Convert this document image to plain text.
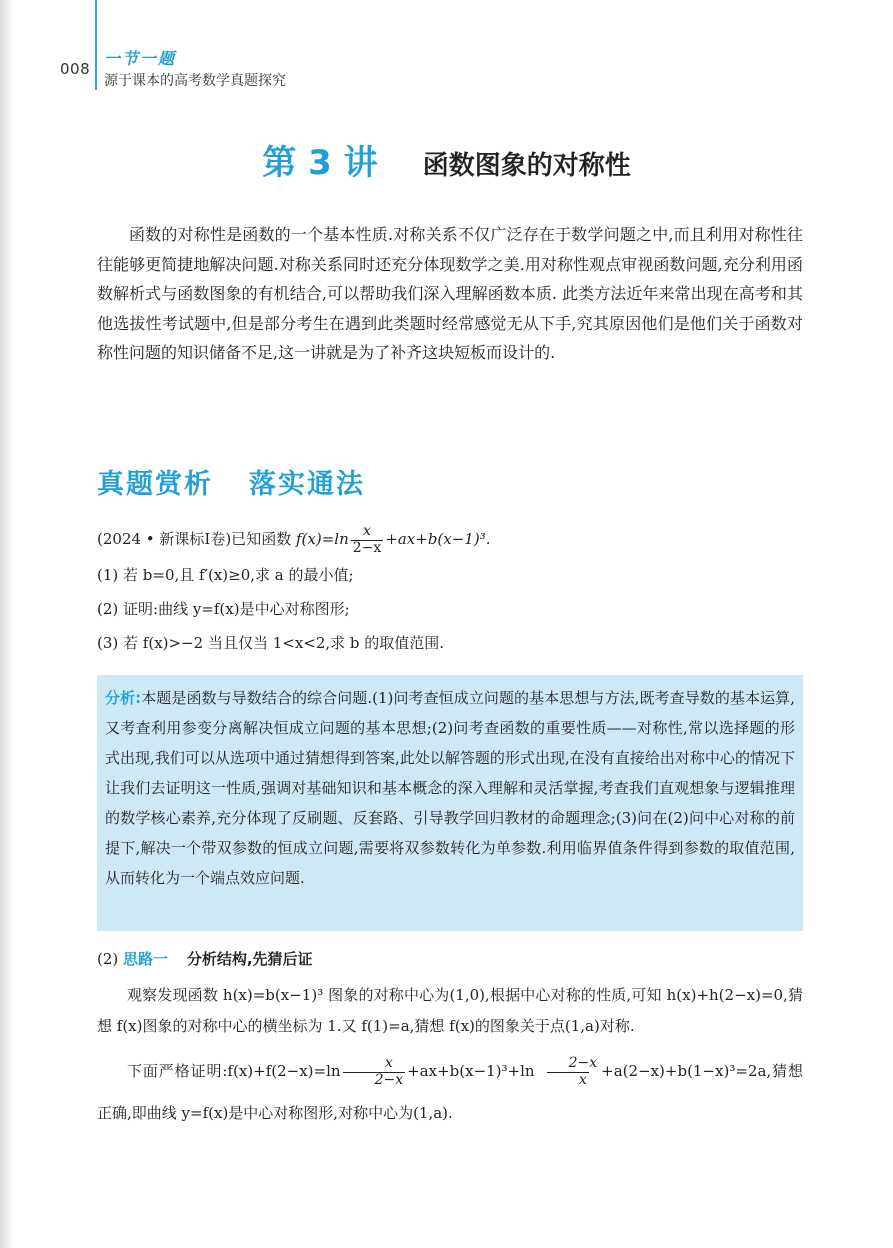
008
一节一题
源于课本的高考数学真题探究
第 3 讲 函数图象的对称性

函数的对称性是函数的一个基本性质.对称关系不仅广泛存在于数学问题之中,而且利用对称性往往能够更简捷地解决问题.对称关系同时还充分体现数学之美.用对称性观点审视函数问题,充分利用函数解析式与函数图象的有机结合,可以帮助我们深入理解函数本质. 此类方法近年来常出现在高考和其他选拔性考试题中,但是部分考生在遇到此类题时经常感觉无从下手,究其原因他们是他们关于函数对称性问题的知识储备不足,这一讲就是为了补齐这块短板而设计的.

真题赏析 落实通法

(2024 • 新课标Ⅰ卷)已知函数 $f(x)=\ln \frac{x}{2-x} +ax+b(x-1)^3$.

(1) 若 b=0,且 f′(x)≥0,求 a 的最小值;

(2) 证明:曲线 y=f(x)是中心对称图形;

(3) 若 f(x)>−2 当且仅当 1<x<2,求 b 的取值范围.

分析:本题是函数与导数结合的综合问题.(1)问考查恒成立问题的基本思想与方法,既考查导数的基本运算,又考查利用参变分离解决恒成立问题的基本思想;(2)问考查函数的重要性质——对称性,常以选择题的形式出现,我们可以从选项中通过猜想得到答案,此处以解答题的形式出现,在没有直接给出对称中心的情况下让我们去证明这一性质,强调对基础知识和基本概念的深入理解和灵活掌握,考查我们直观想象与逻辑推理的数学核心素养,充分体现了反刷题、反套路、引导教学回归教材的命题理念;(3)问在(2)问中心对称的前提下,解决一个带双参数的恒成立问题,需要将双参数转化为单参数.利用临界值条件得到参数的取值范围,从而转化为一个端点效应问题.

(2) 思路一 分析结构,先猜后证

观察发现函数 h(x)=b(x−1)³ 图象的对称中心为(1,0),根据中心对称的性质,可知 h(x)+h(2−x)=0,猜想 f(x)图象的对称中心的横坐标为 1.又 f(1)=a,猜想 f(x)的图象关于点(1,a)对称.

下面严格证明:f(x)+f(2−x)=ln $\frac{x}{2-x} +ax+b(x-1)^3+\ln \frac{2-x}{x} +a(2-x)+b(1-x)^3=2a$,猜想正确,即曲线 y=f(x)是中心对称图形,对称中心为(1,a).
